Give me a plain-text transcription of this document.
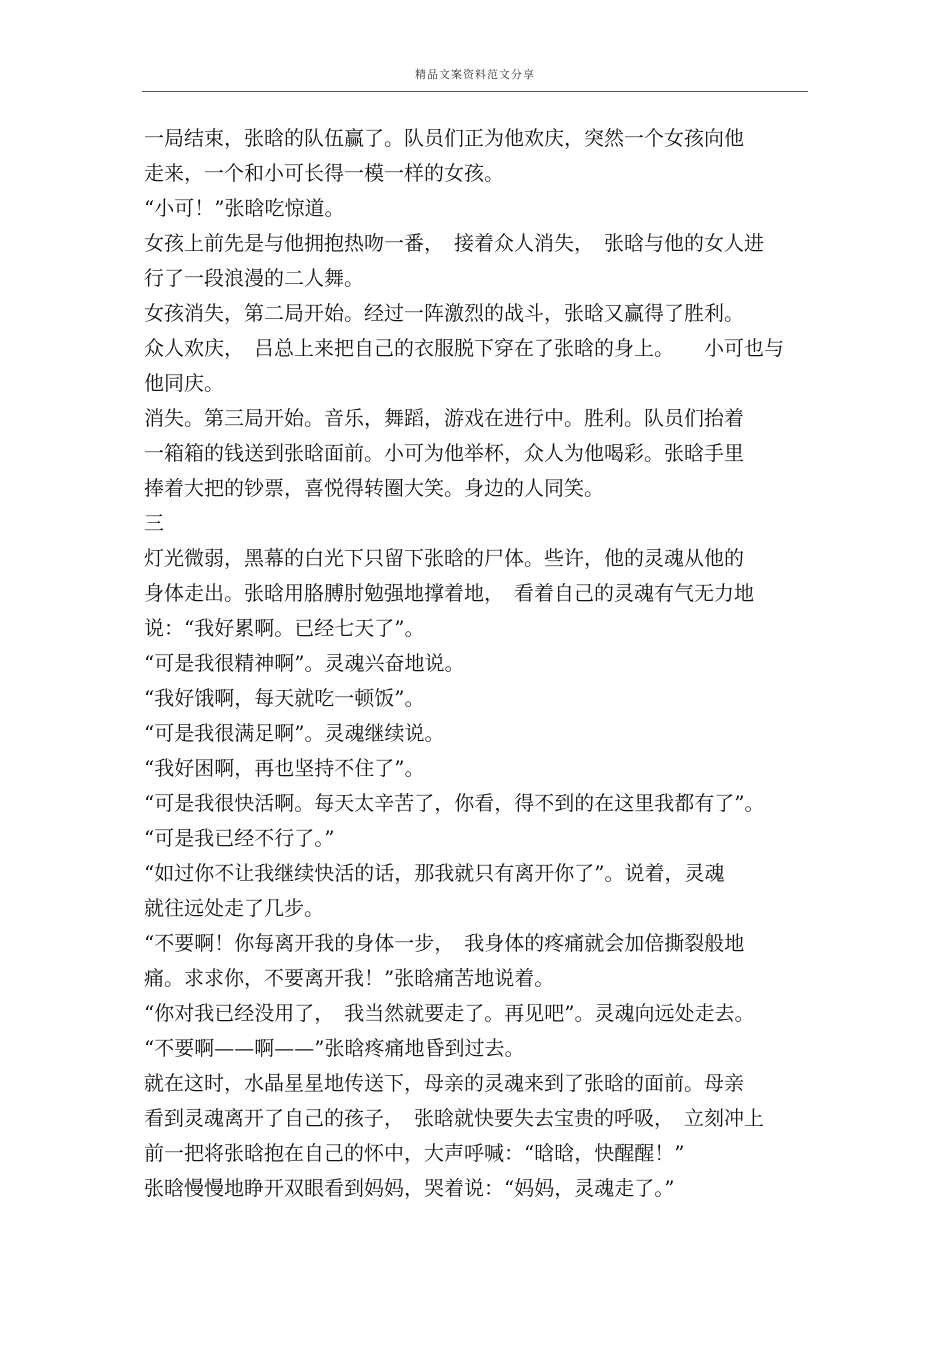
精品文案资料范文分享
一局结束，张晗的队伍赢了。队员们正为他欢庆，突然一个女孩向他
走来，一个和小可长得一模一样的女孩。
“小可！”张晗吃惊道。
女孩上前先是与他拥抱热吻一番，　接着众人消失，　张晗与他的女人进
行了一段浪漫的二人舞。
女孩消失，第二局开始。经过一阵激烈的战斗，张晗又赢得了胜利。
众人欢庆，　吕总上来把自己的衣服脱下穿在了张晗的身上。　　小可也与
他同庆。
消失。第三局开始。音乐，舞蹈，游戏在进行中。胜利。队员们抬着
一箱箱的钱送到张晗面前。小可为他举杯，众人为他喝彩。张晗手里
捧着大把的钞票，喜悦得转圈大笑。身边的人同笑。
三
灯光微弱，黑幕的白光下只留下张晗的尸体。些许，他的灵魂从他的
身体走出。张晗用胳膊肘勉强地撑着地，　看着自己的灵魂有气无力地
说：“我好累啊。已经七天了”。
“可是我很精神啊”。灵魂兴奋地说。
“我好饿啊，每天就吃一顿饭”。
“可是我很满足啊”。灵魂继续说。
“我好困啊，再也坚持不住了”。
“可是我很快活啊。每天太辛苦了，你看，得不到的在这里我都有了”。
“可是我已经不行了。”
“如过你不让我继续快活的话，那我就只有离开你了”。说着，灵魂
就往远处走了几步。
“不要啊！你每离开我的身体一步，　我身体的疼痛就会加倍撕裂般地
痛。求求你，不要离开我！”张晗痛苦地说着。
“你对我已经没用了，　我当然就要走了。再见吧”。灵魂向远处走去。
“不要啊——啊——”张晗疼痛地昏到过去。
就在这时，水晶星星地传送下，母亲的灵魂来到了张晗的面前。母亲
看到灵魂离开了自己的孩子，　张晗就快要失去宝贵的呼吸，　立刻冲上
前一把将张晗抱在自己的怀中，大声呼喊：“晗晗，快醒醒！”
张晗慢慢地睁开双眼看到妈妈，哭着说：“妈妈，灵魂走了。”
